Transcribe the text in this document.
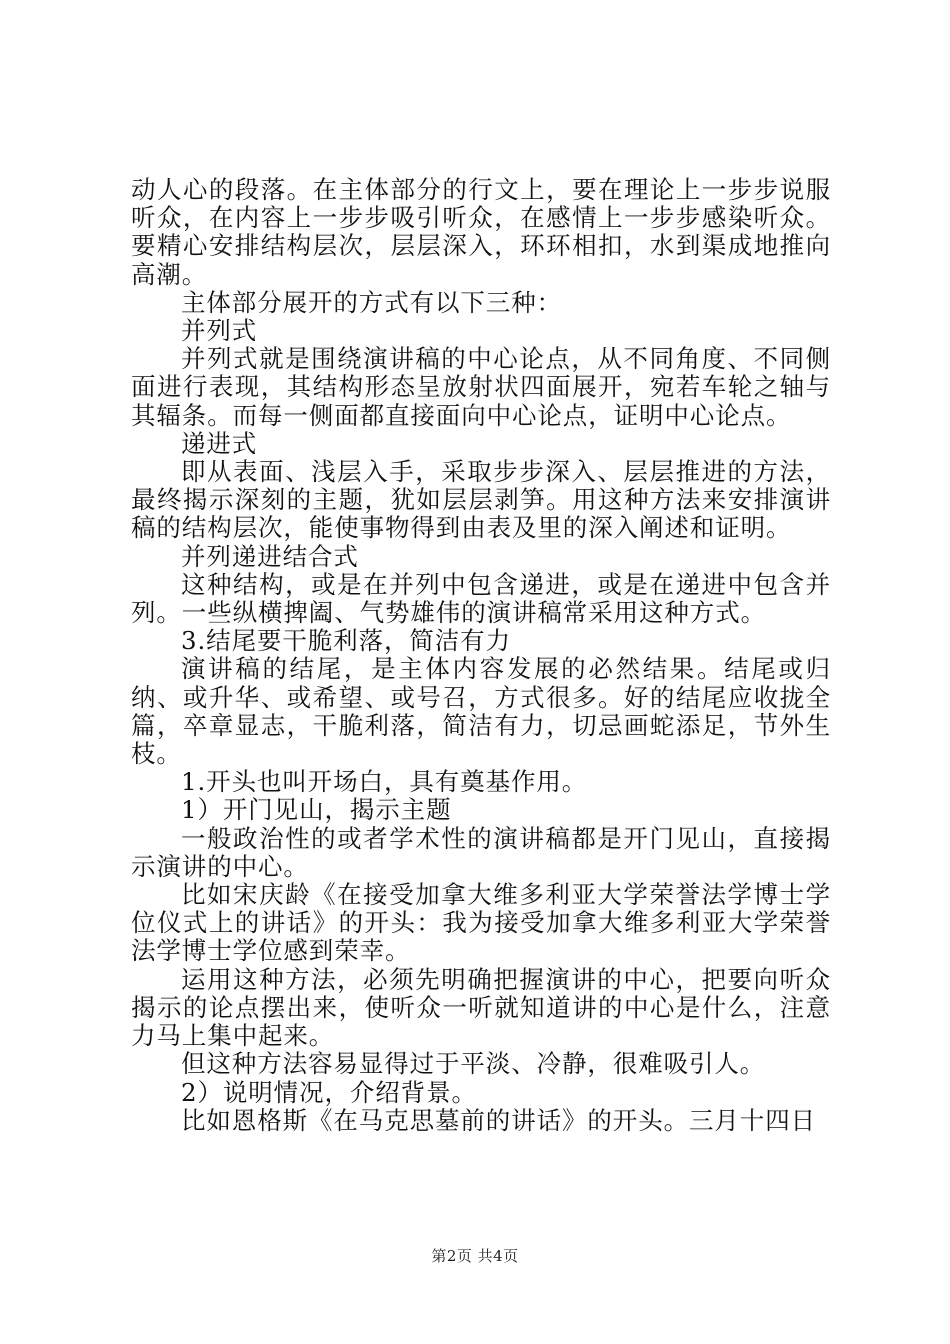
动人心的段落。在主体部分的行文上，要在理论上一步步说服听众，在内容上一步步吸引听众，在感情上一步步感染听众。要精心安排结构层次，层层深入，环环相扣，水到渠成地推向高潮。

主体部分展开的方式有以下三种：

并列式

并列式就是围绕演讲稿的中心论点，从不同角度、不同侧面进行表现，其结构形态呈放射状四面展开，宛若车轮之轴与其辐条。而每一侧面都直接面向中心论点，证明中心论点。

递进式

即从表面、浅层入手，采取步步深入、层层推进的方法，最终揭示深刻的主题，犹如层层剥笋。用这种方法来安排演讲稿的结构层次，能使事物得到由表及里的深入阐述和证明。

并列递进结合式

这种结构，或是在并列中包含递进，或是在递进中包含并列。一些纵横捭阖、气势雄伟的演讲稿常采用这种方式。

3.结尾要干脆利落，简洁有力

演讲稿的结尾，是主体内容发展的必然结果。结尾或归纳、或升华、或希望、或号召，方式很多。好的结尾应收拢全篇，卒章显志，干脆利落，简洁有力，切忌画蛇添足，节外生枝。

1.开头也叫开场白，具有奠基作用。

1）开门见山，揭示主题

一般政治性的或者学术性的演讲稿都是开门见山，直接揭示演讲的中心。

比如宋庆龄《在接受加拿大维多利亚大学荣誉法学博士学位仪式上的讲话》的开头：我为接受加拿大维多利亚大学荣誉法学博士学位感到荣幸。

运用这种方法，必须先明确把握演讲的中心，把要向听众揭示的论点摆出来，使听众一听就知道讲的中心是什么，注意力马上集中起来。

但这种方法容易显得过于平淡、冷静，很难吸引人。

2）说明情况，介绍背景。

比如恩格斯《在马克思墓前的讲话》的开头。三月十四日

第2页 共4页
